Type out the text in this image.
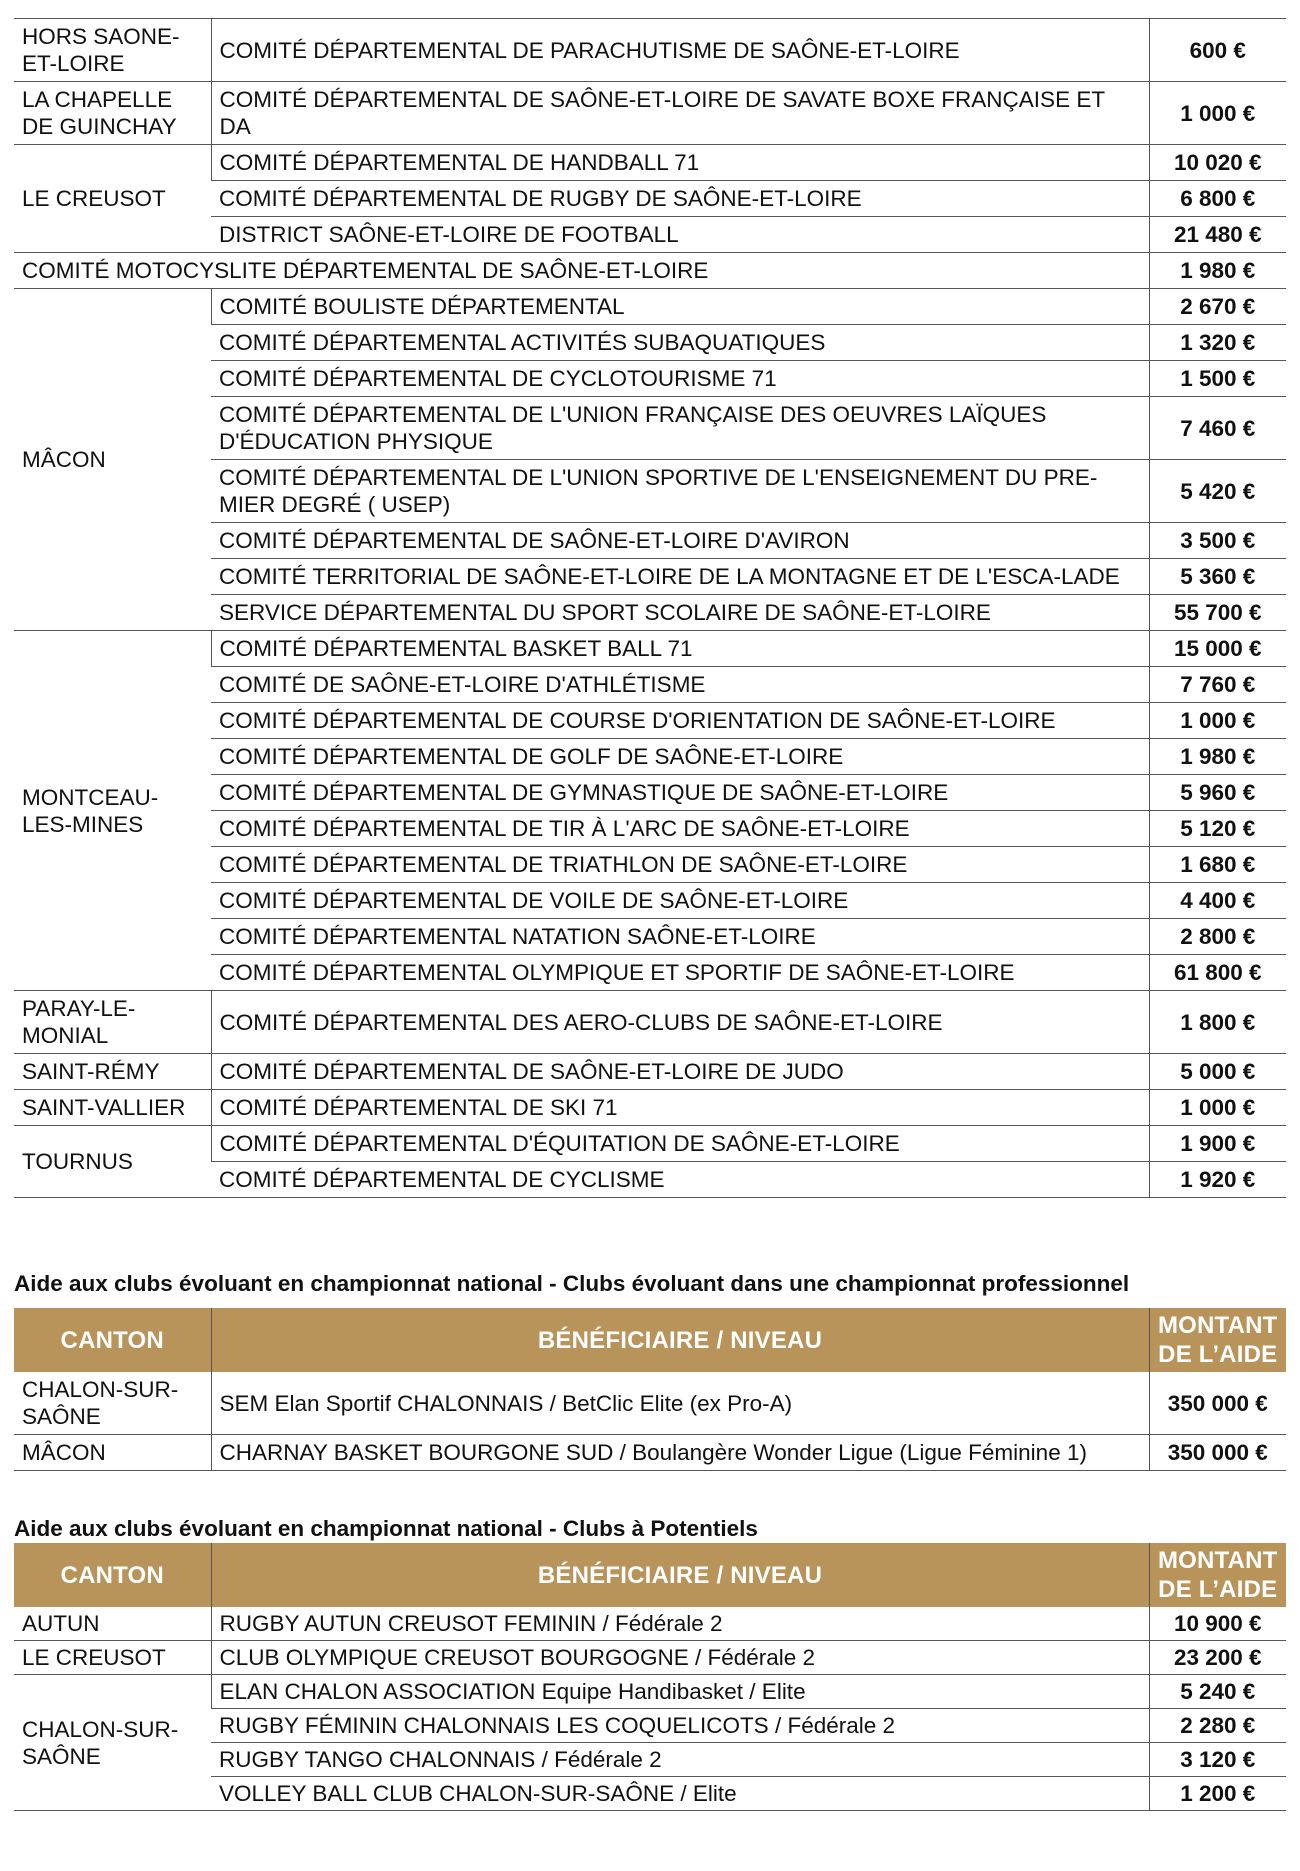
HORS SAONE-ET-LOIRE	COMITÉ DÉPARTEMENTAL DE PARACHUTISME DE SAÔNE-ET-LOIRE	600 €
LA CHAPELLE DE GUINCHAY	COMITÉ DÉPARTEMENTAL DE SAÔNE-ET-LOIRE DE SAVATE BOXE FRANÇAISE ET DA	1 000 €
LE CREUSOT	COMITÉ DÉPARTEMENTAL DE HANDBALL 71	10 020 €
	COMITÉ DÉPARTEMENTAL DE RUGBY DE SAÔNE-ET-LOIRE	6 800 €
	DISTRICT SAÔNE-ET-LOIRE DE FOOTBALL	21 480 €
COMITÉ MOTOCYSLITE DÉPARTEMENTAL DE SAÔNE-ET-LOIRE		1 980 €
MÂCON	COMITÉ BOULISTE DÉPARTEMENTAL	2 670 €
	COMITÉ DÉPARTEMENTAL ACTIVITÉS SUBAQUATIQUES	1 320 €
	COMITÉ DÉPARTEMENTAL DE CYCLOTOURISME 71	1 500 €
	COMITÉ DÉPARTEMENTAL DE L'UNION FRANÇAISE DES OEUVRES LAÏQUES D'ÉDUCATION PHYSIQUE	7 460 €
	COMITÉ DÉPARTEMENTAL DE L'UNION SPORTIVE DE L'ENSEIGNEMENT DU PRE-MIER DEGRÉ ( USEP)	5 420 €
	COMITÉ DÉPARTEMENTAL DE SAÔNE-ET-LOIRE D'AVIRON	3 500 €
	COMITÉ TERRITORIAL DE SAÔNE-ET-LOIRE DE LA MONTAGNE ET DE L'ESCA-LADE	5 360 €
	SERVICE DÉPARTEMENTAL DU SPORT SCOLAIRE DE SAÔNE-ET-LOIRE	55 700 €
MONTCEAU-LES-MINES	COMITÉ DÉPARTEMENTAL BASKET BALL 71	15 000 €
	COMITÉ DE SAÔNE-ET-LOIRE D'ATHLÉTISME	7 760 €
	COMITÉ DÉPARTEMENTAL DE COURSE D'ORIENTATION DE SAÔNE-ET-LOIRE	1 000 €
	COMITÉ DÉPARTEMENTAL DE GOLF DE SAÔNE-ET-LOIRE	1 980 €
	COMITÉ DÉPARTEMENTAL DE GYMNASTIQUE DE SAÔNE-ET-LOIRE	5 960 €
	COMITÉ DÉPARTEMENTAL DE TIR À L'ARC DE SAÔNE-ET-LOIRE	5 120 €
	COMITÉ DÉPARTEMENTAL DE TRIATHLON DE SAÔNE-ET-LOIRE	1 680 €
	COMITÉ DÉPARTEMENTAL DE VOILE DE SAÔNE-ET-LOIRE	4 400 €
	COMITÉ DÉPARTEMENTAL NATATION SAÔNE-ET-LOIRE	2 800 €
	COMITÉ DÉPARTEMENTAL OLYMPIQUE ET SPORTIF DE SAÔNE-ET-LOIRE	61 800 €
PARAY-LE-MONIAL	COMITÉ DÉPARTEMENTAL DES AERO-CLUBS DE SAÔNE-ET-LOIRE	1 800 €
SAINT-RÉMY	COMITÉ DÉPARTEMENTAL DE SAÔNE-ET-LOIRE DE JUDO	5 000 €
SAINT-VALLIER	COMITÉ DÉPARTEMENTAL DE SKI 71	1 000 €
TOURNUS	COMITÉ DÉPARTEMENTAL D'ÉQUITATION DE SAÔNE-ET-LOIRE	1 900 €
	COMITÉ DÉPARTEMENTAL DE CYCLISME	1 920 €

Aide aux clubs évoluant en championnat national - Clubs évoluant dans une championnat professionnel

CANTON	BÉNÉFICIAIRE / NIVEAU	MONTANT
DE L’AIDE
CHALON-SUR-SAÔNE	SEM Elan Sportif CHALONNAIS / BetClic Elite (ex Pro-A)	350 000 €
MÂCON	CHARNAY BASKET BOURGONE SUD / Boulangère Wonder Ligue (Ligue Féminine 1)	350 000 €

Aide aux clubs évoluant en championnat national - Clubs à Potentiels

CANTON	BÉNÉFICIAIRE / NIVEAU	MONTANT
DE L’AIDE
AUTUN	RUGBY AUTUN CREUSOT FEMININ / Fédérale 2	10 900 €
LE CREUSOT	CLUB OLYMPIQUE CREUSOT BOURGOGNE / Fédérale 2	23 200 €
CHALON-SUR-SAÔNE	ELAN CHALON ASSOCIATION Equipe Handibasket / Elite	5 240 €
	RUGBY FÉMININ CHALONNAIS LES COQUELICOTS / Fédérale 2	2 280 €
	RUGBY TANGO CHALONNAIS / Fédérale 2	3 120 €
	VOLLEY BALL CLUB CHALON-SUR-SAÔNE / Elite	1 200 €
